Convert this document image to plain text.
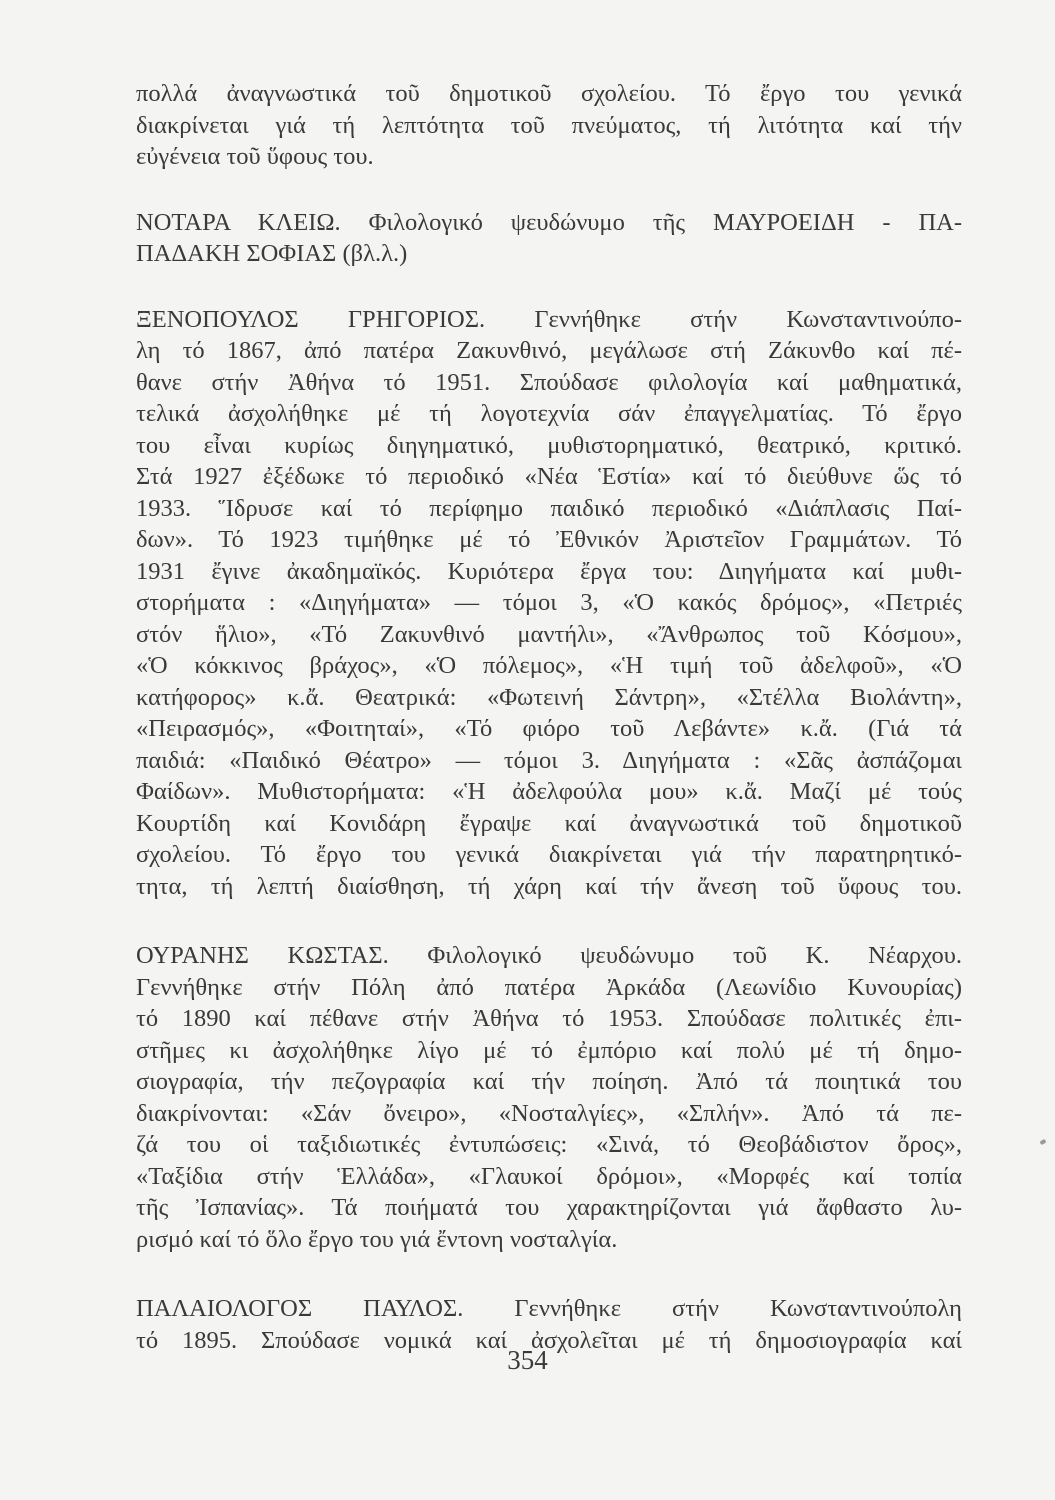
πολλά ἀναγνωστικά τοῦ δημοτικοῦ σχολείου. Τό ἔργο του γενικά
διακρίνεται γιά τή λεπτότητα τοῦ πνεύματος, τή λιτότητα καί τήν
εὐγένεια τοῦ ὕφους του.
ΝΟΤΑΡΑ ΚΛΕΙΩ. Φιλολογικό ψευδώνυμο τῆς ΜΑΥΡΟΕΙΔΗ - ΠΑ-
ΠΑΔΑΚΗ ΣΟΦΙΑΣ (βλ.λ.)
ΞΕΝΟΠΟΥΛΟΣ ΓΡΗΓΟΡΙΟΣ. Γεννήθηκε στήν Κωνσταντινούπο-
λη τό 1867, ἀπό πατέρα Ζακυνθινό, μεγάλωσε στή Ζάκυνθο καί πέ-
θανε στήν Ἀθήνα τό 1951. Σπούδασε φιλολογία καί μαθηματικά,
τελικά ἀσχολήθηκε μέ τή λογοτεχνία σάν ἐπαγγελματίας. Τό ἔργο
του εἶναι κυρίως διηγηματικό, μυθιστορηματικό, θεατρικό, κριτικό.
Στά 1927 ἐξέδωκε τό περιοδικό «Νέα Ἑστία» καί τό διεύθυνε ὥς τό
1933. Ἵδρυσε καί τό περίφημο παιδικό περιοδικό «Διάπλασις Παί-
δων». Τό 1923 τιμήθηκε μέ τό Ἐθνικόν Ἀριστεῖον Γραμμάτων. Τό
1931 ἔγινε ἀκαδημαϊκός. Κυριότερα ἔργα του: Διηγήματα καί μυθι-
στορήματα : «Διηγήματα» — τόμοι 3, «Ὁ κακός δρόμος», «Πετριές
στόν ἥλιο», «Τό Ζακυνθινό μαντήλι», «Ἄνθρωπος τοῦ Κόσμου»,
«Ὁ κόκκινος βράχος», «Ὁ πόλεμος», «Ἡ τιμή τοῦ ἀδελφοῦ», «Ὁ
κατήφορος» κ.ἄ. Θεατρικά: «Φωτεινή Σάντρη», «Στέλλα Βιολάντη»,
«Πειρασμός», «Φοιτηταί», «Τό φιόρο τοῦ Λεβάντε» κ.ἄ. (Γιά τά
παιδιά: «Παιδικό Θέατρο» — τόμοι 3. Διηγήματα : «Σᾶς ἀσπάζομαι
Φαίδων». Μυθιστορήματα: «Ἡ ἀδελφούλα μου» κ.ἄ. Μαζί μέ τούς
Κουρτίδη καί Κονιδάρη ἔγραψε καί ἀναγνωστικά τοῦ δημοτικοῦ
σχολείου. Τό ἔργο του γενικά διακρίνεται γιά τήν παρατηρητικό-
τητα, τή λεπτή διαίσθηση, τή χάρη καί τήν ἄνεση τοῦ ὕφους του.
ΟΥΡΑΝΗΣ ΚΩΣΤΑΣ. Φιλολογικό ψευδώνυμο τοῦ Κ. Νέαρχου.
Γεννήθηκε στήν Πόλη ἀπό πατέρα Ἀρκάδα (Λεωνίδιο Κυνουρίας)
τό 1890 καί πέθανε στήν Ἀθήνα τό 1953. Σπούδασε πολιτικές ἐπι-
στῆμες κι ἀσχολήθηκε λίγο μέ τό ἐμπόριο καί πολύ μέ τή δημο-
σιογραφία, τήν πεζογραφία καί τήν ποίηση. Ἀπό τά ποιητικά του
διακρίνονται: «Σάν ὄνειρο», «Νοσταλγίες», «Σπλήν». Ἀπό τά πε-
ζά του οἱ ταξιδιωτικές ἐντυπώσεις: «Σινά, τό Θεοβάδιστον ὄρος»,
«Ταξίδια στήν Ἑλλάδα», «Γλαυκοί δρόμοι», «Μορφές καί τοπία
τῆς Ἰσπανίας». Τά ποιήματά του χαρακτηρίζονται γιά ἄφθαστο λυ-
ρισμό καί τό ὅλο ἔργο του γιά ἔντονη νοσταλγία.
ΠΑΛΑΙΟΛΟΓΟΣ ΠΑΥΛΟΣ. Γεννήθηκε στήν Κωνσταντινούπολη
τό 1895. Σπούδασε νομικά καί ἀσχολεῖται μέ τή δημοσιογραφία καί
354
